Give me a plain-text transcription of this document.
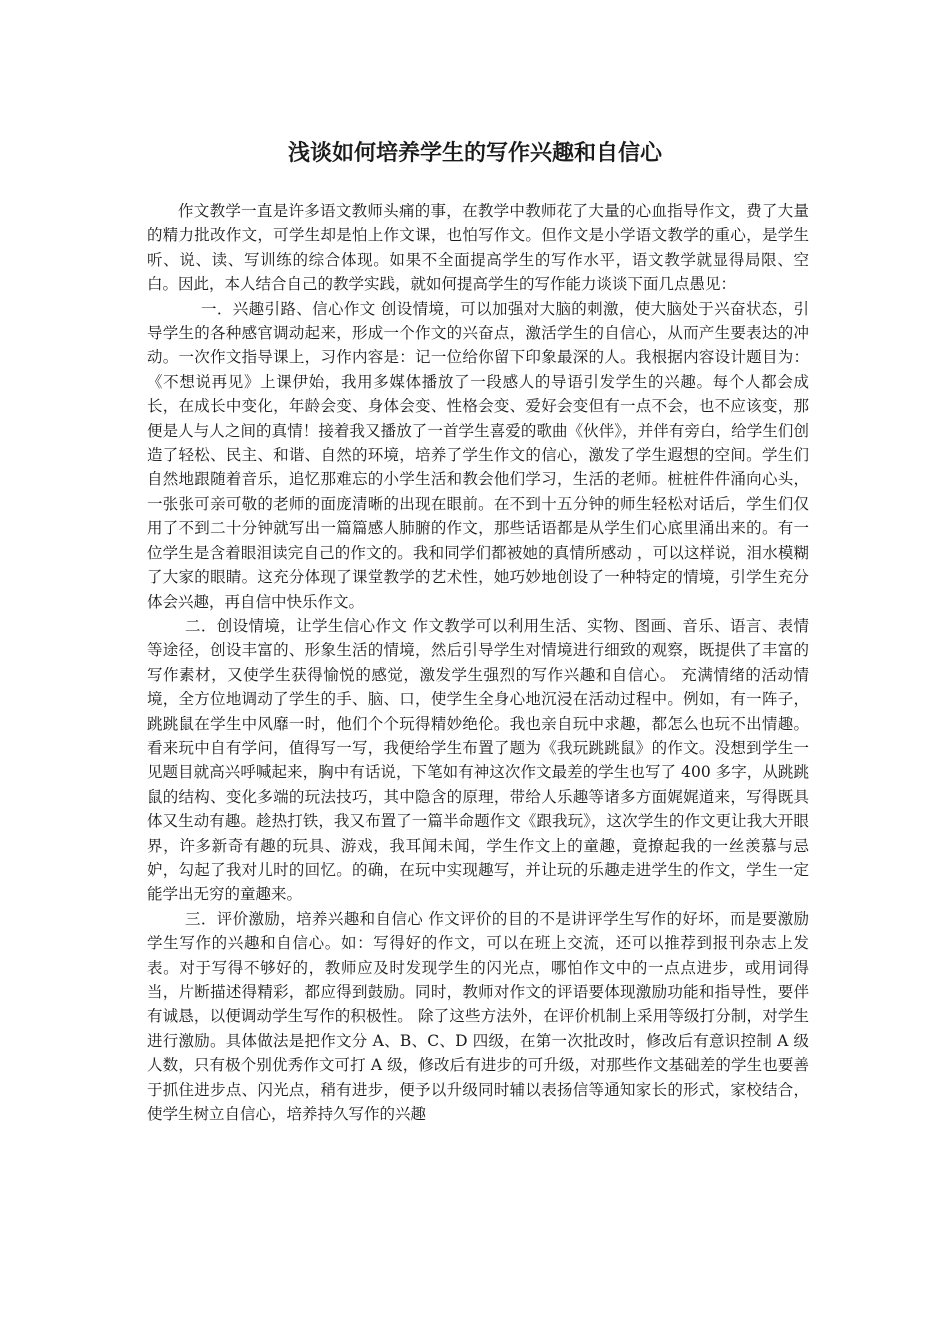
浅谈如何培养学生的写作兴趣和自信心

作文教学一直是许多语文教师头痛的事，在教学中教师花了大量的心血指导作文，费了大量的精力批改作文，可学生却是怕上作文课，也怕写作文。但作文是小学语文教学的重心，是学生听、说、读、写训练的综合体现。如果不全面提高学生的写作水平，语文教学就显得局限、空白。因此，本人结合自己的教学实践，就如何提高学生的写作能力谈谈下面几点愚见：

一．兴趣引路、信心作文 创设情境，可以加强对大脑的刺激，使大脑处于兴奋状态，引导学生的各种感官调动起来，形成一个作文的兴奋点，激活学生的自信心，从而产生要表达的冲动。一次作文指导课上，习作内容是：记一位给你留下印象最深的人。我根据内容设计题目为：《不想说再见》上课伊始，我用多媒体播放了一段感人的导语引发学生的兴趣。每个人都会成长，在成长中变化，年龄会变、身体会变、性格会变、爱好会变但有一点不会，也不应该变，那便是人与人之间的真情！接着我又播放了一首学生喜爱的歌曲《伙伴》，并伴有旁白，给学生们创造了轻松、民主、和谐、自然的环境，培养了学生作文的信心，激发了学生遐想的空间。学生们自然地跟随着音乐，追忆那难忘的小学生活和教会他们学习，生活的老师。桩桩件件涌向心头，一张张可亲可敬的老师的面庞清晰的出现在眼前。在不到十五分钟的师生轻松对话后，学生们仅用了不到二十分钟就写出一篇篇感人肺腑的作文，那些话语都是从学生们心底里涌出来的。有一位学生是含着眼泪读完自己的作文的。我和同学们都被她的真情所感动 ，可以这样说，泪水模糊了大家的眼睛。这充分体现了课堂教学的艺术性，她巧妙地创设了一种特定的情境，引学生充分体会兴趣，再自信中快乐作文。

二．创设情境，让学生信心作文 作文教学可以利用生活、实物、图画、音乐、语言、表情等途径，创设丰富的、形象生活的情境，然后引导学生对情境进行细致的观察，既提供了丰富的写作素材，又使学生获得愉悦的感觉，激发学生强烈的写作兴趣和自信心。 充满情绪的活动情境，全方位地调动了学生的手、脑、口，使学生全身心地沉浸在活动过程中。例如，有一阵子，跳跳鼠在学生中风靡一时，他们个个玩得精妙绝伦。我也亲自玩中求趣，都怎么也玩不出情趣。看来玩中自有学问，值得写一写，我便给学生布置了题为《我玩跳跳鼠》的作文。没想到学生一见题目就高兴呼喊起来，胸中有话说，下笔如有神这次作文最差的学生也写了 400 多字，从跳跳鼠的结构、变化多端的玩法技巧，其中隐含的原理，带给人乐趣等诸多方面娓娓道来，写得既具体又生动有趣。趁热打铁，我又布置了一篇半命题作文《跟我玩》，这次学生的作文更让我大开眼界，许多新奇有趣的玩具、游戏，我耳闻未闻，学生作文上的童趣，竟撩起我的一丝羡慕与忌妒，勾起了我对儿时的回忆。的确，在玩中实现趣写，并让玩的乐趣走进学生的作文，学生一定能学出无穷的童趣来。

三．评价激励，培养兴趣和自信心 作文评价的目的不是讲评学生写作的好坏，而是要激励学生写作的兴趣和自信心。如：写得好的作文，可以在班上交流，还可以推荐到报刊杂志上发表。对于写得不够好的，教师应及时发现学生的闪光点，哪怕作文中的一点点进步，或用词得当，片断描述得精彩，都应得到鼓励。同时，教师对作文的评语要体现激励功能和指导性，要伴有诚恳，以便调动学生写作的积极性。 除了这些方法外，在评价机制上采用等级打分制，对学生进行激励。具体做法是把作文分 A、B、C、D 四级，在第一次批改时，修改后有意识控制 A 级人数，只有极个别优秀作文可打 A 级，修改后有进步的可升级，对那些作文基础差的学生也要善于抓住进步点、闪光点，稍有进步，便予以升级同时辅以表扬信等通知家长的形式，家校结合，使学生树立自信心，培养持久写作的兴趣
